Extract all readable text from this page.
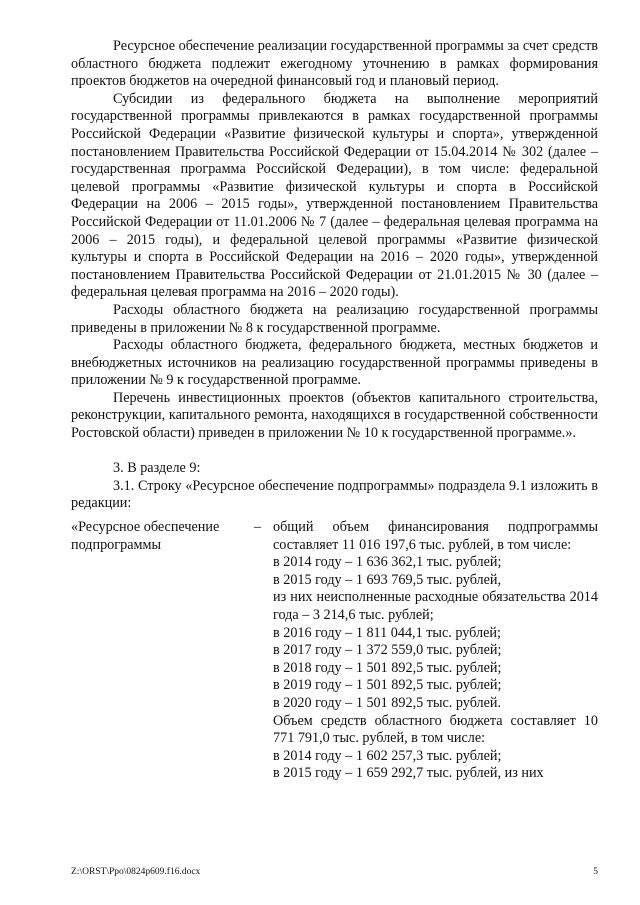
Ресурсное обеспечение реализации государственной программы за счет средств областного бюджета подлежит ежегодному уточнению в рамках формирования проектов бюджетов на очередной финансовый год и плановый период.

Субсидии из федерального бюджета на выполнение мероприятий государственной программы привлекаются в рамках государственной программы Российской Федерации «Развитие физической культуры и спорта», утвержденной постановлением Правительства Российской Федерации от 15.04.2014 № 302 (далее – государственная программа Российской Федерации), в том числе: федеральной целевой программы «Развитие физической культуры и спорта в Российской Федерации на 2006 – 2015 годы», утвержденной постановлением Правительства Российской Федерации от 11.01.2006 № 7 (далее – федеральная целевая программа на 2006 – 2015 годы), и федеральной целевой программы «Развитие физической культуры и спорта в Российской Федерации на 2016 – 2020 годы», утвержденной постановлением Правительства Российской Федерации от 21.01.2015 № 30 (далее – федеральная целевая программа на 2016 – 2020 годы).

Расходы областного бюджета на реализацию государственной программы приведены в приложении № 8 к государственной программе.

Расходы областного бюджета, федерального бюджета, местных бюджетов и внебюджетных источников на реализацию государственной программы приведены в приложении № 9 к государственной программе.

Перечень инвестиционных проектов (объектов капитального строительства, реконструкции, капитального ремонта, находящихся в государственной собственности Ростовской области) приведен в приложении № 10 к государственной программе.».

3. В разделе 9:

3.1. Строку «Ресурсное обеспечение подпрограммы» подраздела 9.1 изложить в редакции:

«Ресурсное обеспечение подпрограммы
– общий объем финансирования подпрограммы составляет 11 016 197,6 тыс. рублей, в том числе:
в 2014 году – 1 636 362,1 тыс. рублей;
в 2015 году – 1 693 769,5 тыс. рублей,
из них неисполненные расходные обязательства 2014 года – 3 214,6 тыс. рублей;
в 2016 году – 1 811 044,1 тыс. рублей;
в 2017 году – 1 372 559,0 тыс. рублей;
в 2018 году – 1 501 892,5 тыс. рублей;
в 2019 году – 1 501 892,5 тыс. рублей;
в 2020 году – 1 501 892,5 тыс. рублей.
Объем средств областного бюджета составляет 10 771 791,0 тыс. рублей, в том числе:
в 2014 году – 1 602 257,3 тыс. рублей;
в 2015 году – 1 659 292,7 тыс. рублей, из них
Z:\ORST\Ppo\0824p609.f16.docx	5
